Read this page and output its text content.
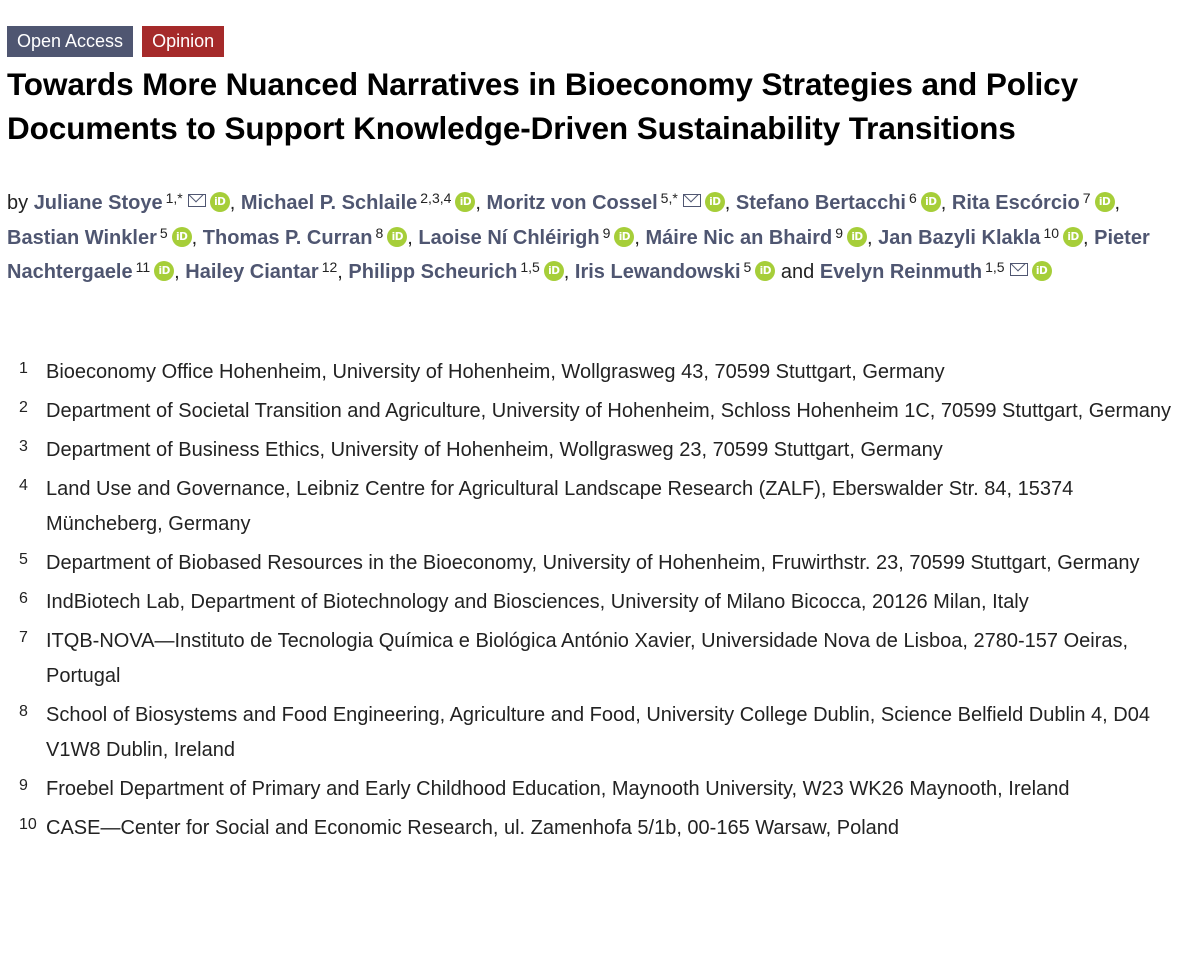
Open Access	Opinion
Towards More Nuanced Narratives in Bioeconomy Strategies and Policy Documents to Support Knowledge-Driven Sustainability Transitions
by Juliane Stoye $^{1,*}$	iD , Michael P. Schlaile $^{2,3,4}$ iD , Moritz von Cossel $^{5,*}$	iD , Stefano Bertacchi $^6$ iD , Rita Escórcio $^7$ iD , Bastian Winkler $^5$ iD , Thomas P. Curran $^8$ iD , Laoise Ní Chléirigh $^9$ iD , Máire Nic an Bhaird $^9$ iD , Jan Bazyli Klakla $^{10}$ iD , Pieter Nachtergaele $^{11}$ iD , Hailey Ciantar $^{12}$, Philipp Scheurich $^{1,5}$ iD , Iris Lewandowski $^5$ iD and Evelyn Reinmuth $^{1,5}$	iD
1 Bioeconomy Office Hohenheim, University of Hohenheim, Wollgrasweg 43, 70599 Stuttgart, Germany
2 Department of Societal Transition and Agriculture, University of Hohenheim, Schloss Hohenheim 1C, 70599 Stuttgart, Germany
3 Department of Business Ethics, University of Hohenheim, Wollgrasweg 23, 70599 Stuttgart, Germany
4 Land Use and Governance, Leibniz Centre for Agricultural Landscape Research (ZALF), Eberswalder Str. 84, 15374 Müncheberg, Germany
5 Department of Biobased Resources in the Bioeconomy, University of Hohenheim, Fruwirthstr. 23, 70599 Stuttgart, Germany
6 IndBiotech Lab, Department of Biotechnology and Biosciences, University of Milano Bicocca, 20126 Milan, Italy
7 ITQB-NOVA—Instituto de Tecnologia Química e Biológica António Xavier, Universidade Nova de Lisboa, 2780-157 Oeiras, Portugal
8 School of Biosystems and Food Engineering, Agriculture and Food, University College Dublin, Science Belfield Dublin 4, D04 V1W8 Dublin, Ireland
9 Froebel Department of Primary and Early Childhood Education, Maynooth University, W23 WK26 Maynooth, Ireland
10 CASE—Center for Social and Economic Research, ul. Zamenhofa 5/1b, 00-165 Warsaw, Poland
